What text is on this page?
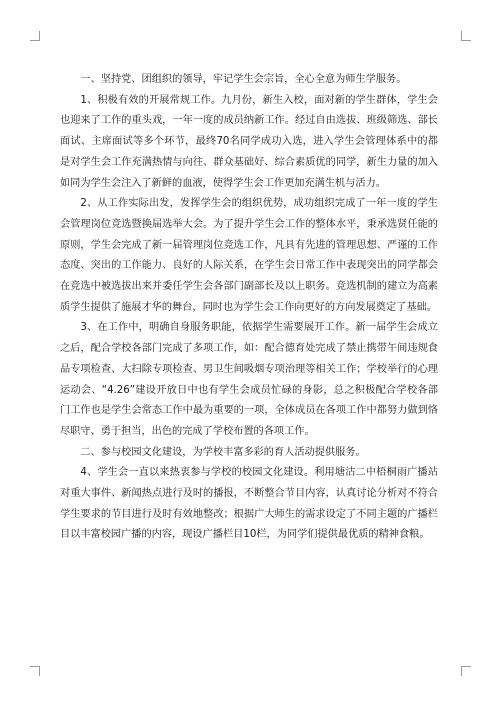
一、坚持党、团组织的领导，牢记学生会宗旨，全心全意为师生学服务。

1、积极有效的开展常规工作。九月份，新生入校，面对新的学生群体，学生会也迎来了工作的重头戏，一年一度的成员纳新工作。经过自由选拔、班级筛选、部长面试、主席面试等多个环节，最终70名同学成功入选，进入学生会管理体系中的都是对学生会工作充满热情与向往、群众基础好、综合素质优的同学，新生力量的加入如同为学生会注入了新鲜的血液，使得学生会工作更加充满生机与活力。

2、从工作实际出发，发挥学生会的组织优势，成功组织完成了一年一度的学生会管理岗位竞选暨换届选举大会。为了提升学生会工作的整体水平，秉承选贤任能的原则，学生会完成了新一届管理岗位竞选工作，凡具有先进的管理思想、严谨的工作态度、突出的工作能力、良好的人际关系，在学生会日常工作中表现突出的同学都会在竞选中被选拔出来并委任学生会各部门副部长及以上职务。竞选机制的建立为高素质学生提供了施展才华的舞台，同时也为学生会工作向更好的方向发展奠定了基础。

3、在工作中，明确自身服务职能，依据学生需要展开工作。新一届学生会成立之后，配合学校各部门完成了多项工作，如：配合德育处完成了禁止携带午间违规食品专项检查、大扫除专项检查、男卫生间吸烟专项治理等相关工作；学校举行的心理运动会、“4.26”建设开放日中也有学生会成员忙碌的身影，总之积极配合学校各部门工作也是学生会常态工作中最为重要的一项，全体成员在各项工作中都努力做到恪尽职守、勇于担当，出色的完成了学校布置的各项工作。

二、参与校园文化建设，为学校丰富多彩的育人活动提供服务。

4、学生会一直以来热衷参与学校的校园文化建设。利用塘沽二中梧桐雨广播站对重大事件、新闻热点进行及时的播报，不断整合节目内容，认真讨论分析对不符合学生要求的节目进行及时有效地整改；根据广大师生的需求设定了不同主题的广播栏目以丰富校园广播的内容，现设广播栏目10栏，为同学们提供最优质的精神食粮。
